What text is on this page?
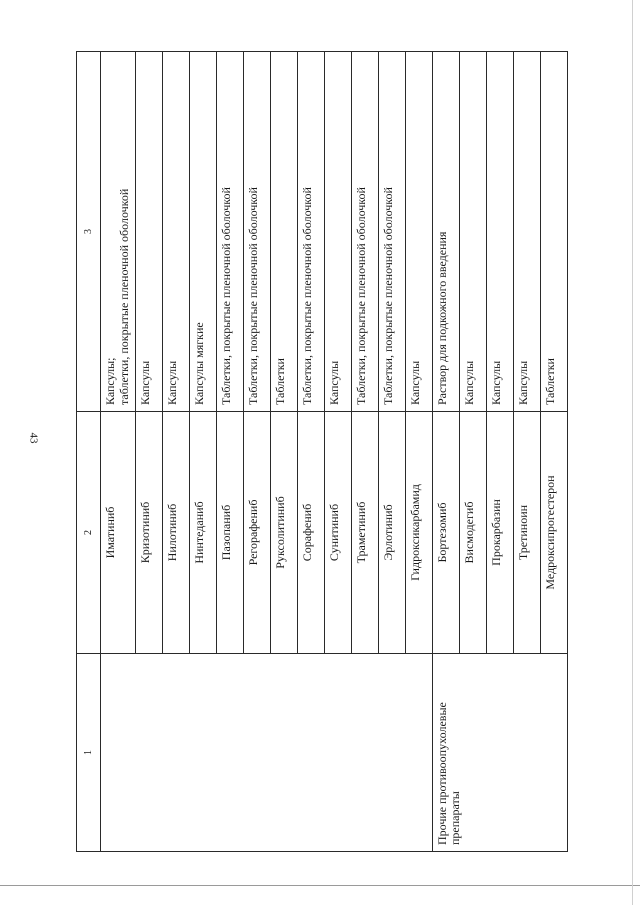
43
1	2	3
	Иматиниб	Капсулы; таблетки, покрытые пленочной оболочкой

	Кризотиниб	Капсулы
	Нилотиниб	Капсулы
	Нинтеданиб	Капсулы мягкие
	Пазопаниб	Таблетки, покрытые пленочной оболочкой
	Регорафениб	Таблетки, покрытые пленочной оболочкой
	Руксолитиниб	Таблетки
	Сорафениб	Таблетки, покрытые пленочной оболочкой
	Сунитиниб	Капсулы
	Траметиниб	Таблетки, покрытые пленочной оболочкой
	Эрлотиниб	Таблетки, покрытые пленочной оболочкой
	Гидроксикарбамид	Капсулы
Прочие противоопухолевые препараты	Бортезомиб	Раствор для подкожного введения
	Висмодегиб	Капсулы
	Прокарбазин	Капсулы
	Третиноин	Капсулы
	Медроксипрогестерон	Таблетки
